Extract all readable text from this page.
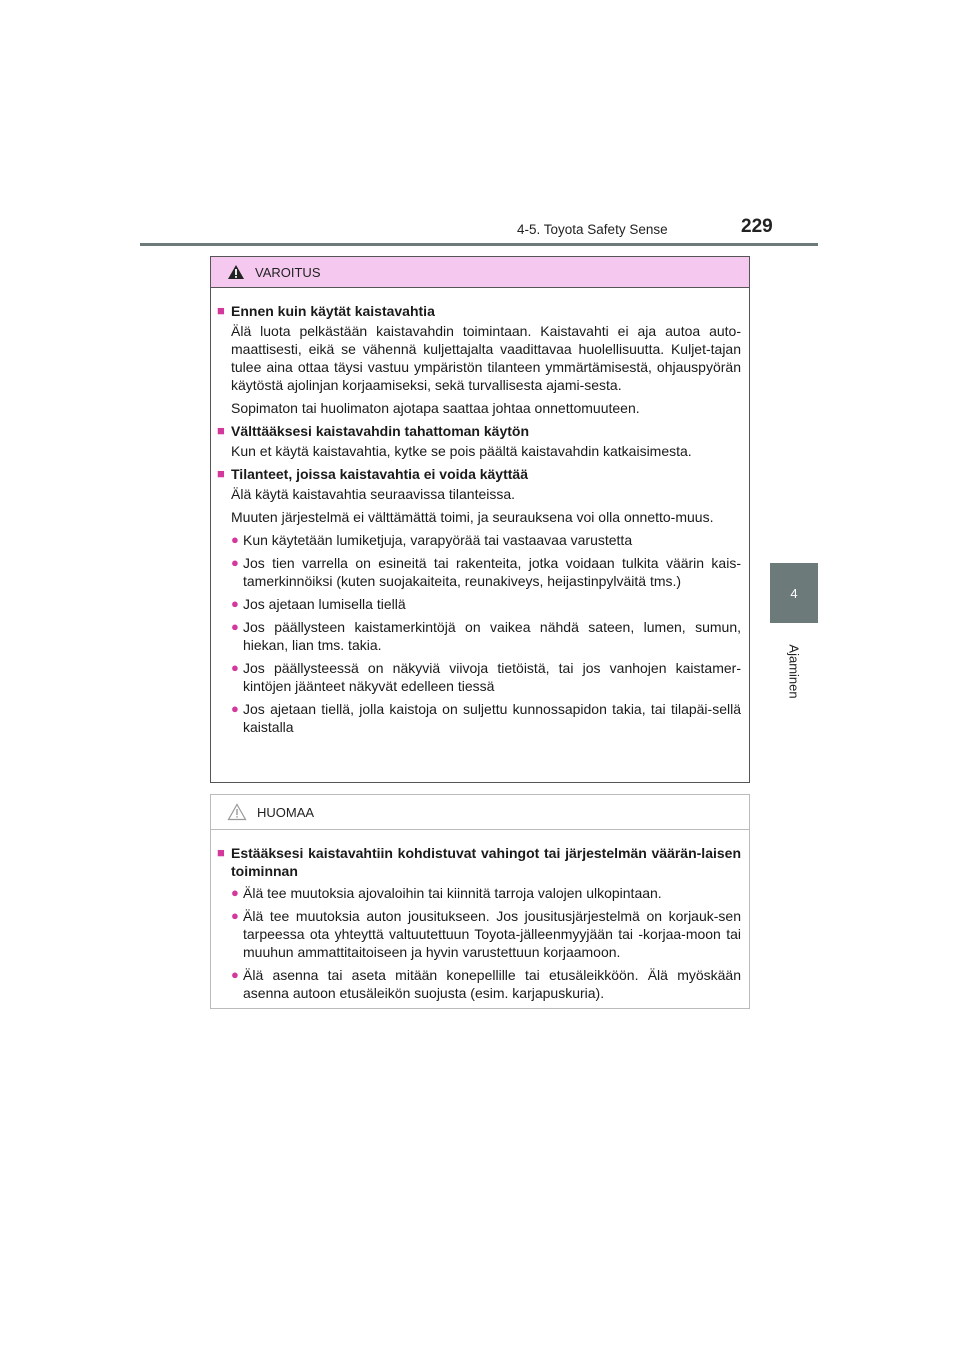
4-5. Toyota Safety Sense	229
4
Ajaminen
VAROITUS
■ Ennen kuin käytät kaistavahtia
Älä luota pelkästään kaistavahdin toimintaan. Kaistavahti ei aja autoa auto-maattisesti, eikä se vähennä kuljettajalta vaadittavaa huolellisuutta. Kuljet-tajan tulee aina ottaa täysi vastuu ympäristön tilanteen ymmärtämisestä, ohjauspyörän käytöstä ajolinjan korjaamiseksi, sekä turvallisesta ajami-sesta.
Sopimaton tai huolimaton ajotapa saattaa johtaa onnettomuuteen.
■ Välttääksesi kaistavahdin tahattoman käytön
Kun et käytä kaistavahtia, kytke se pois päältä kaistavahdin katkaisimesta.
■ Tilanteet, joissa kaistavahtia ei voida käyttää
Älä käytä kaistavahtia seuraavissa tilanteissa.
Muuten järjestelmä ei välttämättä toimi, ja seurauksena voi olla onnetto-muus.
● Kun käytetään lumiketjuja, varapyörää tai vastaavaa varustetta
● Jos tien varrella on esineitä tai rakenteita, jotka voidaan tulkita väärin kais-tamerkinnöiksi (kuten suojakaiteita, reunakiveys, heijastinpylväitä tms.)
● Jos ajetaan lumisella tiellä
● Jos päällysteen kaistamerkintöjä on vaikea nähdä sateen, lumen, sumun, hiekan, lian tms. takia.
● Jos päällysteessä on näkyviä viivoja tietöistä, tai jos vanhojen kaistamer-kintöjen jäänteet näkyvät edelleen tiessä
● Jos ajetaan tiellä, jolla kaistoja on suljettu kunnossapidon takia, tai tilapäi-sellä kaistalla
HUOMAA
■ Estääksesi kaistavahtiin kohdistuvat vahingot tai järjestelmän väärän-laisen toiminnan
● Älä tee muutoksia ajovaloihin tai kiinnitä tarroja valojen ulkopintaan.
● Älä tee muutoksia auton jousitukseen. Jos jousitusjärjestelmä on korjauk-sen tarpeessa ota yhteyttä valtuutettuun Toyota-jälleenmyyjään tai -korjaa-moon tai muuhun ammattitaitoiseen ja hyvin varustettuun korjaamoon.
● Älä asenna tai aseta mitään konepellille tai etusäleikköön. Älä myöskään asenna autoon etusäleikön suojusta (esim. karjapuskuria).
